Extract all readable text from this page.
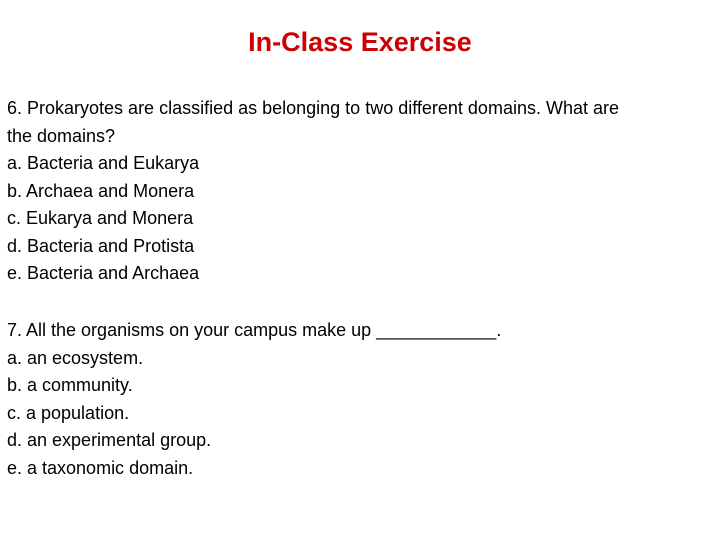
In-Class Exercise
6. Prokaryotes are classified as belonging to two different domains. What are
the domains?
a. Bacteria and Eukarya
b. Archaea and Monera
c. Eukarya and Monera
d. Bacteria and Protista
e. Bacteria and Archaea
7. All the organisms on your campus make up ____________.
a. an ecosystem.
b. a community.
c. a population.
d. an experimental group.
e. a taxonomic domain.
